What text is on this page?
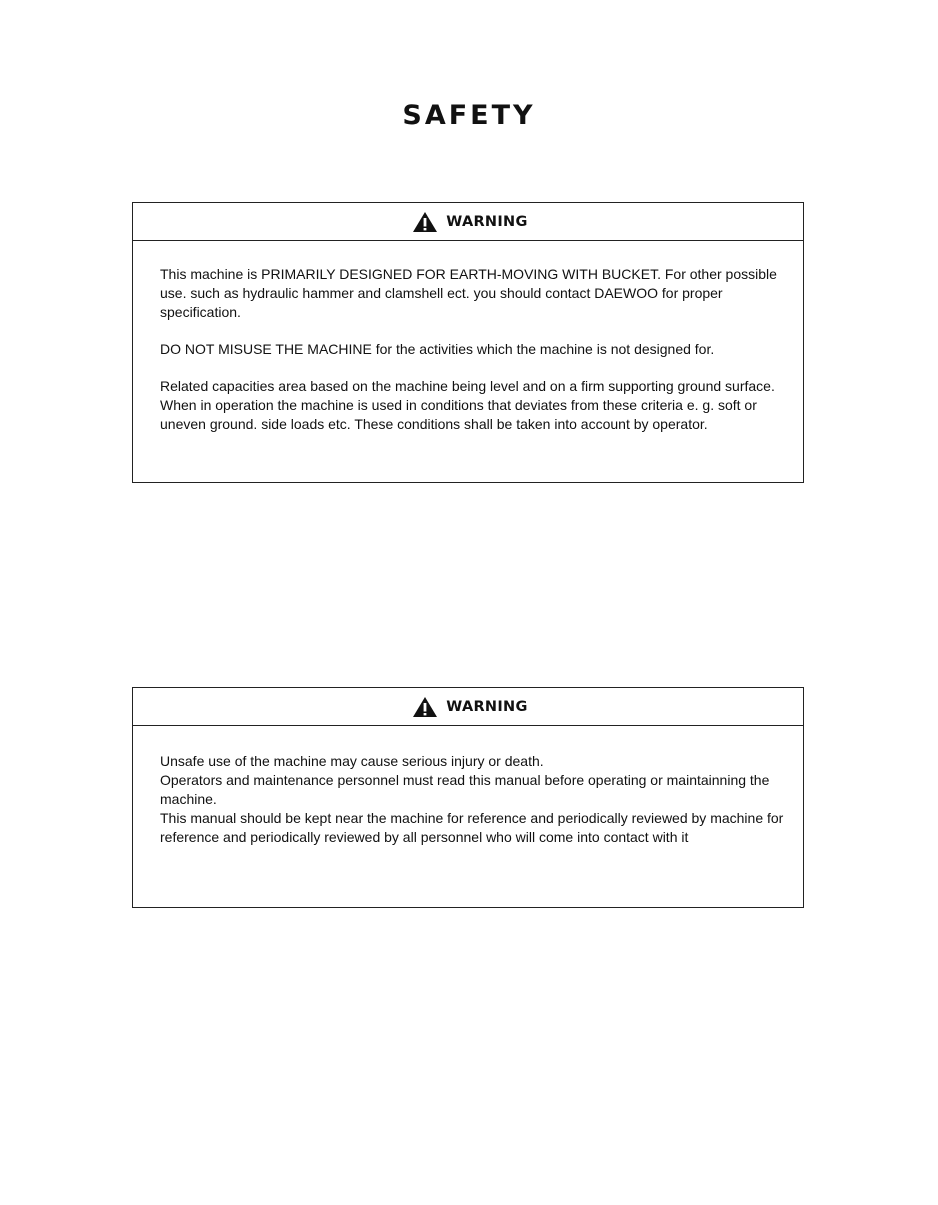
SAFETY
WARNING

This machine is PRIMARILY DESIGNED FOR EARTH-MOVING WITH BUCKET. For other possible use. such as hydraulic hammer and clamshell ect. you should contact DAEWOO for proper specification.

DO NOT MISUSE THE MACHINE for the activities which the machine is not designed for.

Related capacities area based on the machine being level and on a firm supporting ground surface. When in operation the machine is used in conditions that deviates from these criteria e. g. soft or uneven ground. side loads etc. These conditions shall be taken into account by operator.

WARNING

Unsafe use of the machine may cause serious injury or death.

Operators and maintenance personnel must read this manual before operating or maintainning the machine.

This manual should be kept near the machine for reference and periodically reviewed by machine for reference and periodically reviewed by all personnel who will come into contact with it
